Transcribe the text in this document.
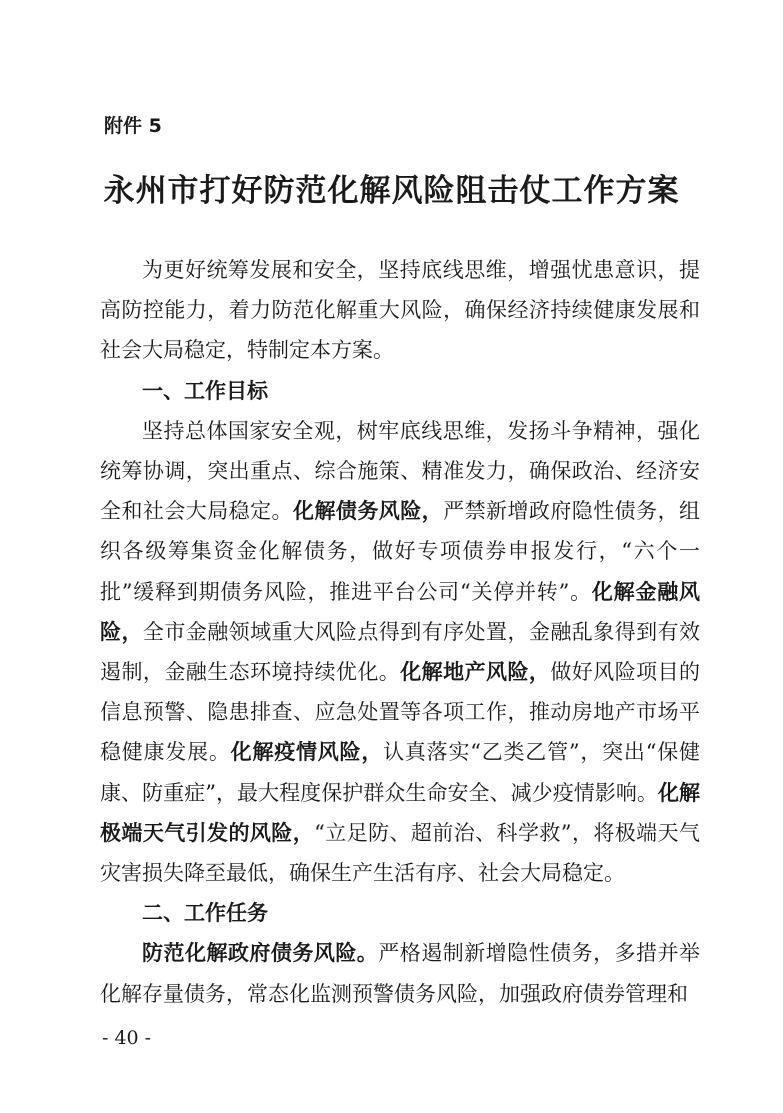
附件 5
永州市打好防范化解风险阻击仗工作方案

为更好统筹发展和安全，坚持底线思维，增强忧患意识，提高防控能力，着力防范化解重大风险，确保经济持续健康发展和社会大局稳定，特制定本方案。

一、工作目标

坚持总体国家安全观，树牢底线思维，发扬斗争精神，强化统筹协调，突出重点、综合施策、精准发力，确保政治、经济安全和社会大局稳定。化解债务风险，严禁新增政府隐性债务，组织各级筹集资金化解债务，做好专项债券申报发行，“六个一批”缓释到期债务风险，推进平台公司“关停并转”。化解金融风险，全市金融领域重大风险点得到有序处置，金融乱象得到有效遏制，金融生态环境持续优化。化解地产风险，做好风险项目的信息预警、隐患排查、应急处置等各项工作，推动房地产市场平稳健康发展。化解疫情风险，认真落实“乙类乙管”，突出“保健康、防重症”，最大程度保护群众生命安全、减少疫情影响。化解极端天气引发的风险，“立足防、超前治、科学救”，将极端天气灾害损失降至最低，确保生产生活有序、社会大局稳定。

二、工作任务

防范化解政府债务风险。严格遏制新增隐性债务，多措并举化解存量债务，常态化监测预警债务风险，加强政府债券管理和

- 40 -
